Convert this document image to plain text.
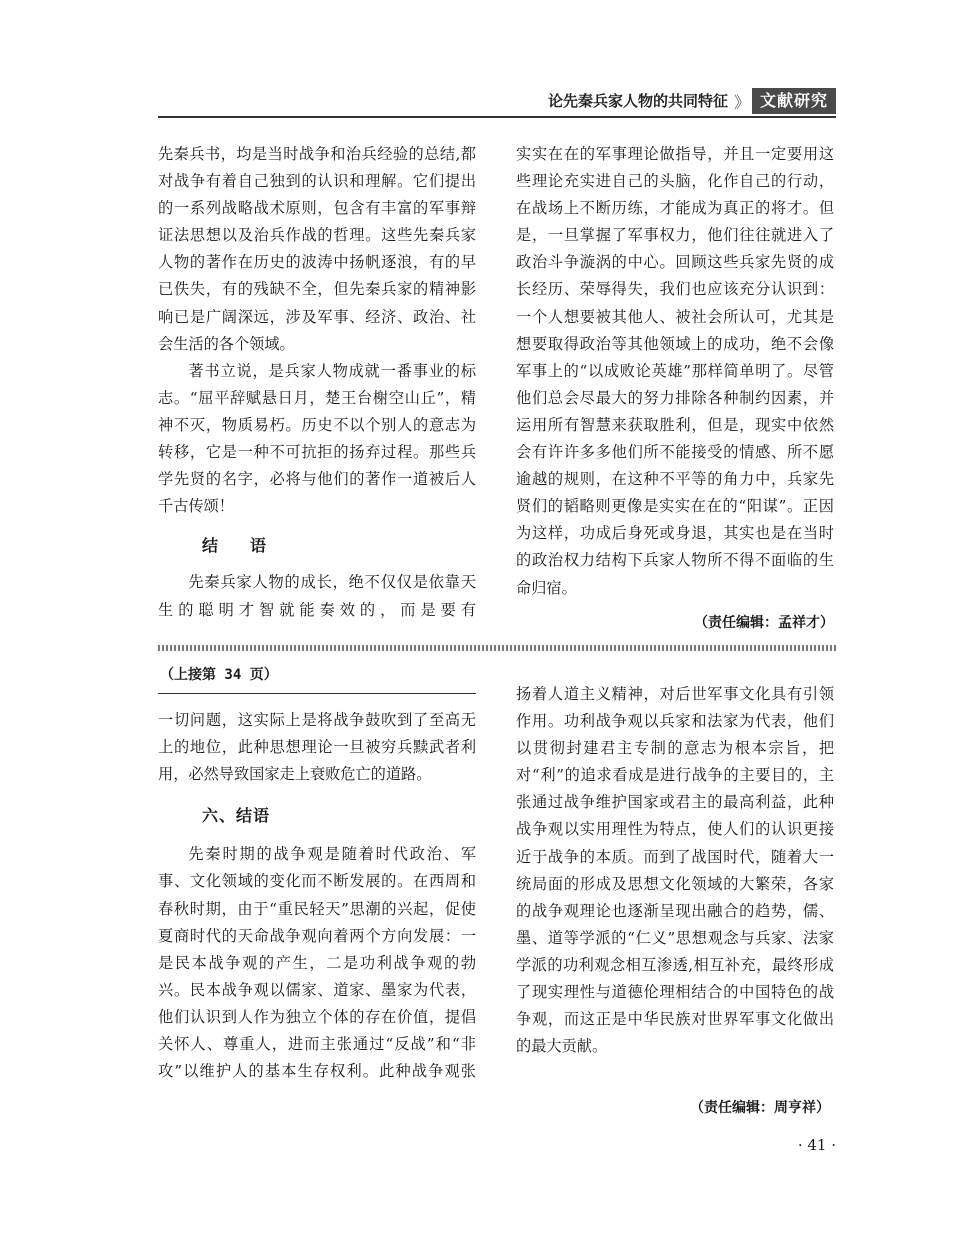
论先秦兵家人物的共同特征 》 文献研究

先秦兵书，均是当时战争和治兵经验的总结,都对战争有着自己独到的认识和理解。它们提出的一系列战略战术原则，包含有丰富的军事辩证法思想以及治兵作战的哲理。这些先秦兵家人物的著作在历史的波涛中扬帆逐浪，有的早已佚失，有的残缺不全，但先秦兵家的精神影响已是广阔深远，涉及军事、经济、政治、社会生活的各个领域。

著书立说，是兵家人物成就一番事业的标志。“屈平辞赋悬日月，楚王台榭空山丘”，精神不灭，物质易朽。历史不以个别人的意志为转移，它是一种不可抗拒的扬弃过程。那些兵学先贤的名字，必将与他们的著作一道被后人千古传颂！

结　语

先秦兵家人物的成长，绝不仅仅是依靠天生的聪明才智就能奏效的，而是要有

实实在在的军事理论做指导，并且一定要用这些理论充实进自己的头脑，化作自己的行动，在战场上不断历练，才能成为真正的将才。但是，一旦掌握了军事权力，他们往往就进入了政治斗争漩涡的中心。回顾这些兵家先贤的成长经历、荣辱得失，我们也应该充分认识到：一个人想要被其他人、被社会所认可，尤其是想要取得政治等其他领域上的成功，绝不会像军事上的“以成败论英雄”那样简单明了。尽管他们总会尽最大的努力排除各种制约因素，并运用所有智慧来获取胜利，但是，现实中依然会有许许多多他们所不能接受的情感、所不愿逾越的规则，在这种不平等的角力中，兵家先贤们的韬略则更像是实实在在的“阳谋”。正因为这样，功成后身死或身退，其实也是在当时的政治权力结构下兵家人物所不得不面临的生命归宿。

（责任编辑：孟祥才）
（上接第 34 页）

一切问题，这实际上是将战争鼓吹到了至高无上的地位，此种思想理论一旦被穷兵黩武者利用，必然导致国家走上衰败危亡的道路。

六、结语

先秦时期的战争观是随着时代政治、军事、文化领域的变化而不断发展的。在西周和春秋时期，由于“重民轻天”思潮的兴起，促使夏商时代的天命战争观向着两个方向发展：一是民本战争观的产生，二是功利战争观的勃兴。民本战争观以儒家、道家、墨家为代表，他们认识到人作为独立个体的存在价值，提倡关怀人、尊重人，进而主张通过“反战”和“非攻”以维护人的基本生存权利。此种战争观张

扬着人道主义精神，对后世军事文化具有引领作用。功利战争观以兵家和法家为代表，他们以贯彻封建君主专制的意志为根本宗旨，把对“利”的追求看成是进行战争的主要目的，主张通过战争维护国家或君主的最高利益，此种战争观以实用理性为特点，使人们的认识更接近于战争的本质。而到了战国时代，随着大一统局面的形成及思想文化领域的大繁荣，各家的战争观理论也逐渐呈现出融合的趋势，儒、墨、道等学派的“仁义”思想观念与兵家、法家学派的功利观念相互渗透,相互补充，最终形成了现实理性与道德伦理相结合的中国特色的战争观，而这正是中华民族对世界军事文化做出的最大贡献。

（责任编辑：周亨祥）
· 41 ·
